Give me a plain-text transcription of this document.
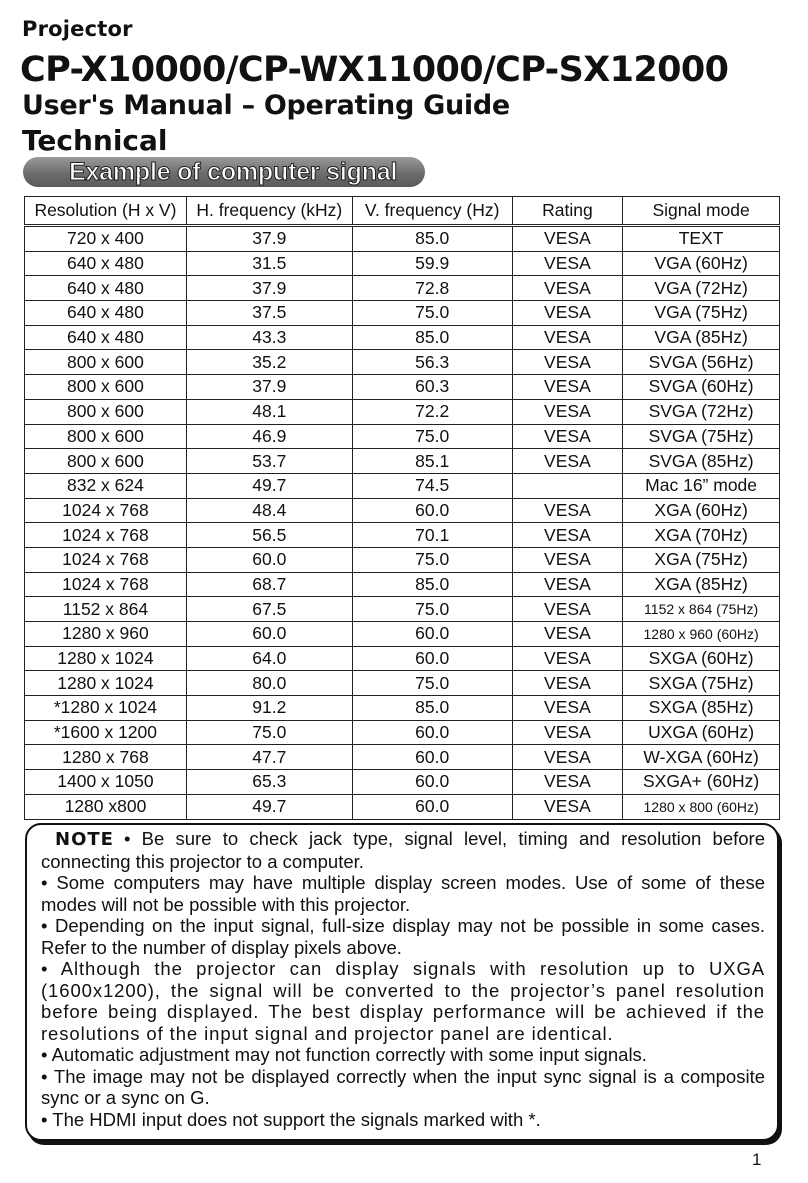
Projector
CP-X10000/CP-WX11000/CP-SX12000
User's Manual – Operating Guide
Technical
Example of computer signal
Resolution (H x V)	H. frequency (kHz)	V. frequency (Hz)	Rating	Signal mode
720 x 400	37.9	85.0	VESA	TEXT
640 x 480	31.5	59.9	VESA	VGA (60Hz)
640 x 480	37.9	72.8	VESA	VGA (72Hz)
640 x 480	37.5	75.0	VESA	VGA (75Hz)
640 x 480	43.3	85.0	VESA	VGA (85Hz)
800 x 600	35.2	56.3	VESA	SVGA (56Hz)
800 x 600	37.9	60.3	VESA	SVGA (60Hz)
800 x 600	48.1	72.2	VESA	SVGA (72Hz)
800 x 600	46.9	75.0	VESA	SVGA (75Hz)
800 x 600	53.7	85.1	VESA	SVGA (85Hz)
832 x 624	49.7	74.5		Mac 16” mode
1024 x 768	48.4	60.0	VESA	XGA (60Hz)
1024 x 768	56.5	70.1	VESA	XGA (70Hz)
1024 x 768	60.0	75.0	VESA	XGA (75Hz)
1024 x 768	68.7	85.0	VESA	XGA (85Hz)
1152 x 864	67.5	75.0	VESA	1152 x 864 (75Hz)
1280 x 960	60.0	60.0	VESA	1280 x 960 (60Hz)
1280 x 1024	64.0	60.0	VESA	SXGA (60Hz)
1280 x 1024	80.0	75.0	VESA	SXGA (75Hz)
*1280 x 1024	91.2	85.0	VESA	SXGA (85Hz)
*1600 x 1200	75.0	60.0	VESA	UXGA (60Hz)
1280 x 768	47.7	60.0	VESA	W-XGA (60Hz)
1400 x 1050	65.3	60.0	VESA	SXGA+ (60Hz)
1280 x800	49.7	60.0	VESA	1280 x 800 (60Hz)

NOTE • Be sure to check jack type, signal level, timing and resolution before connecting this projector to a computer.

• Some computers may have multiple display screen modes. Use of some of these modes will not be possible with this projector.

• Depending on the input signal, full-size display may not be possible in some cases. Refer to the number of display pixels above.

• Although the projector can display signals with resolution up to UXGA (1600x1200), the signal will be converted to the projector’s panel resolution before being displayed. The best display performance will be achieved if the resolutions of the input signal and projector panel are identical.

• Automatic adjustment may not function correctly with some input signals.

• The image may not be displayed correctly when the input sync signal is a composite sync or a sync on G.

• The HDMI input does not support the signals marked with *.

1
